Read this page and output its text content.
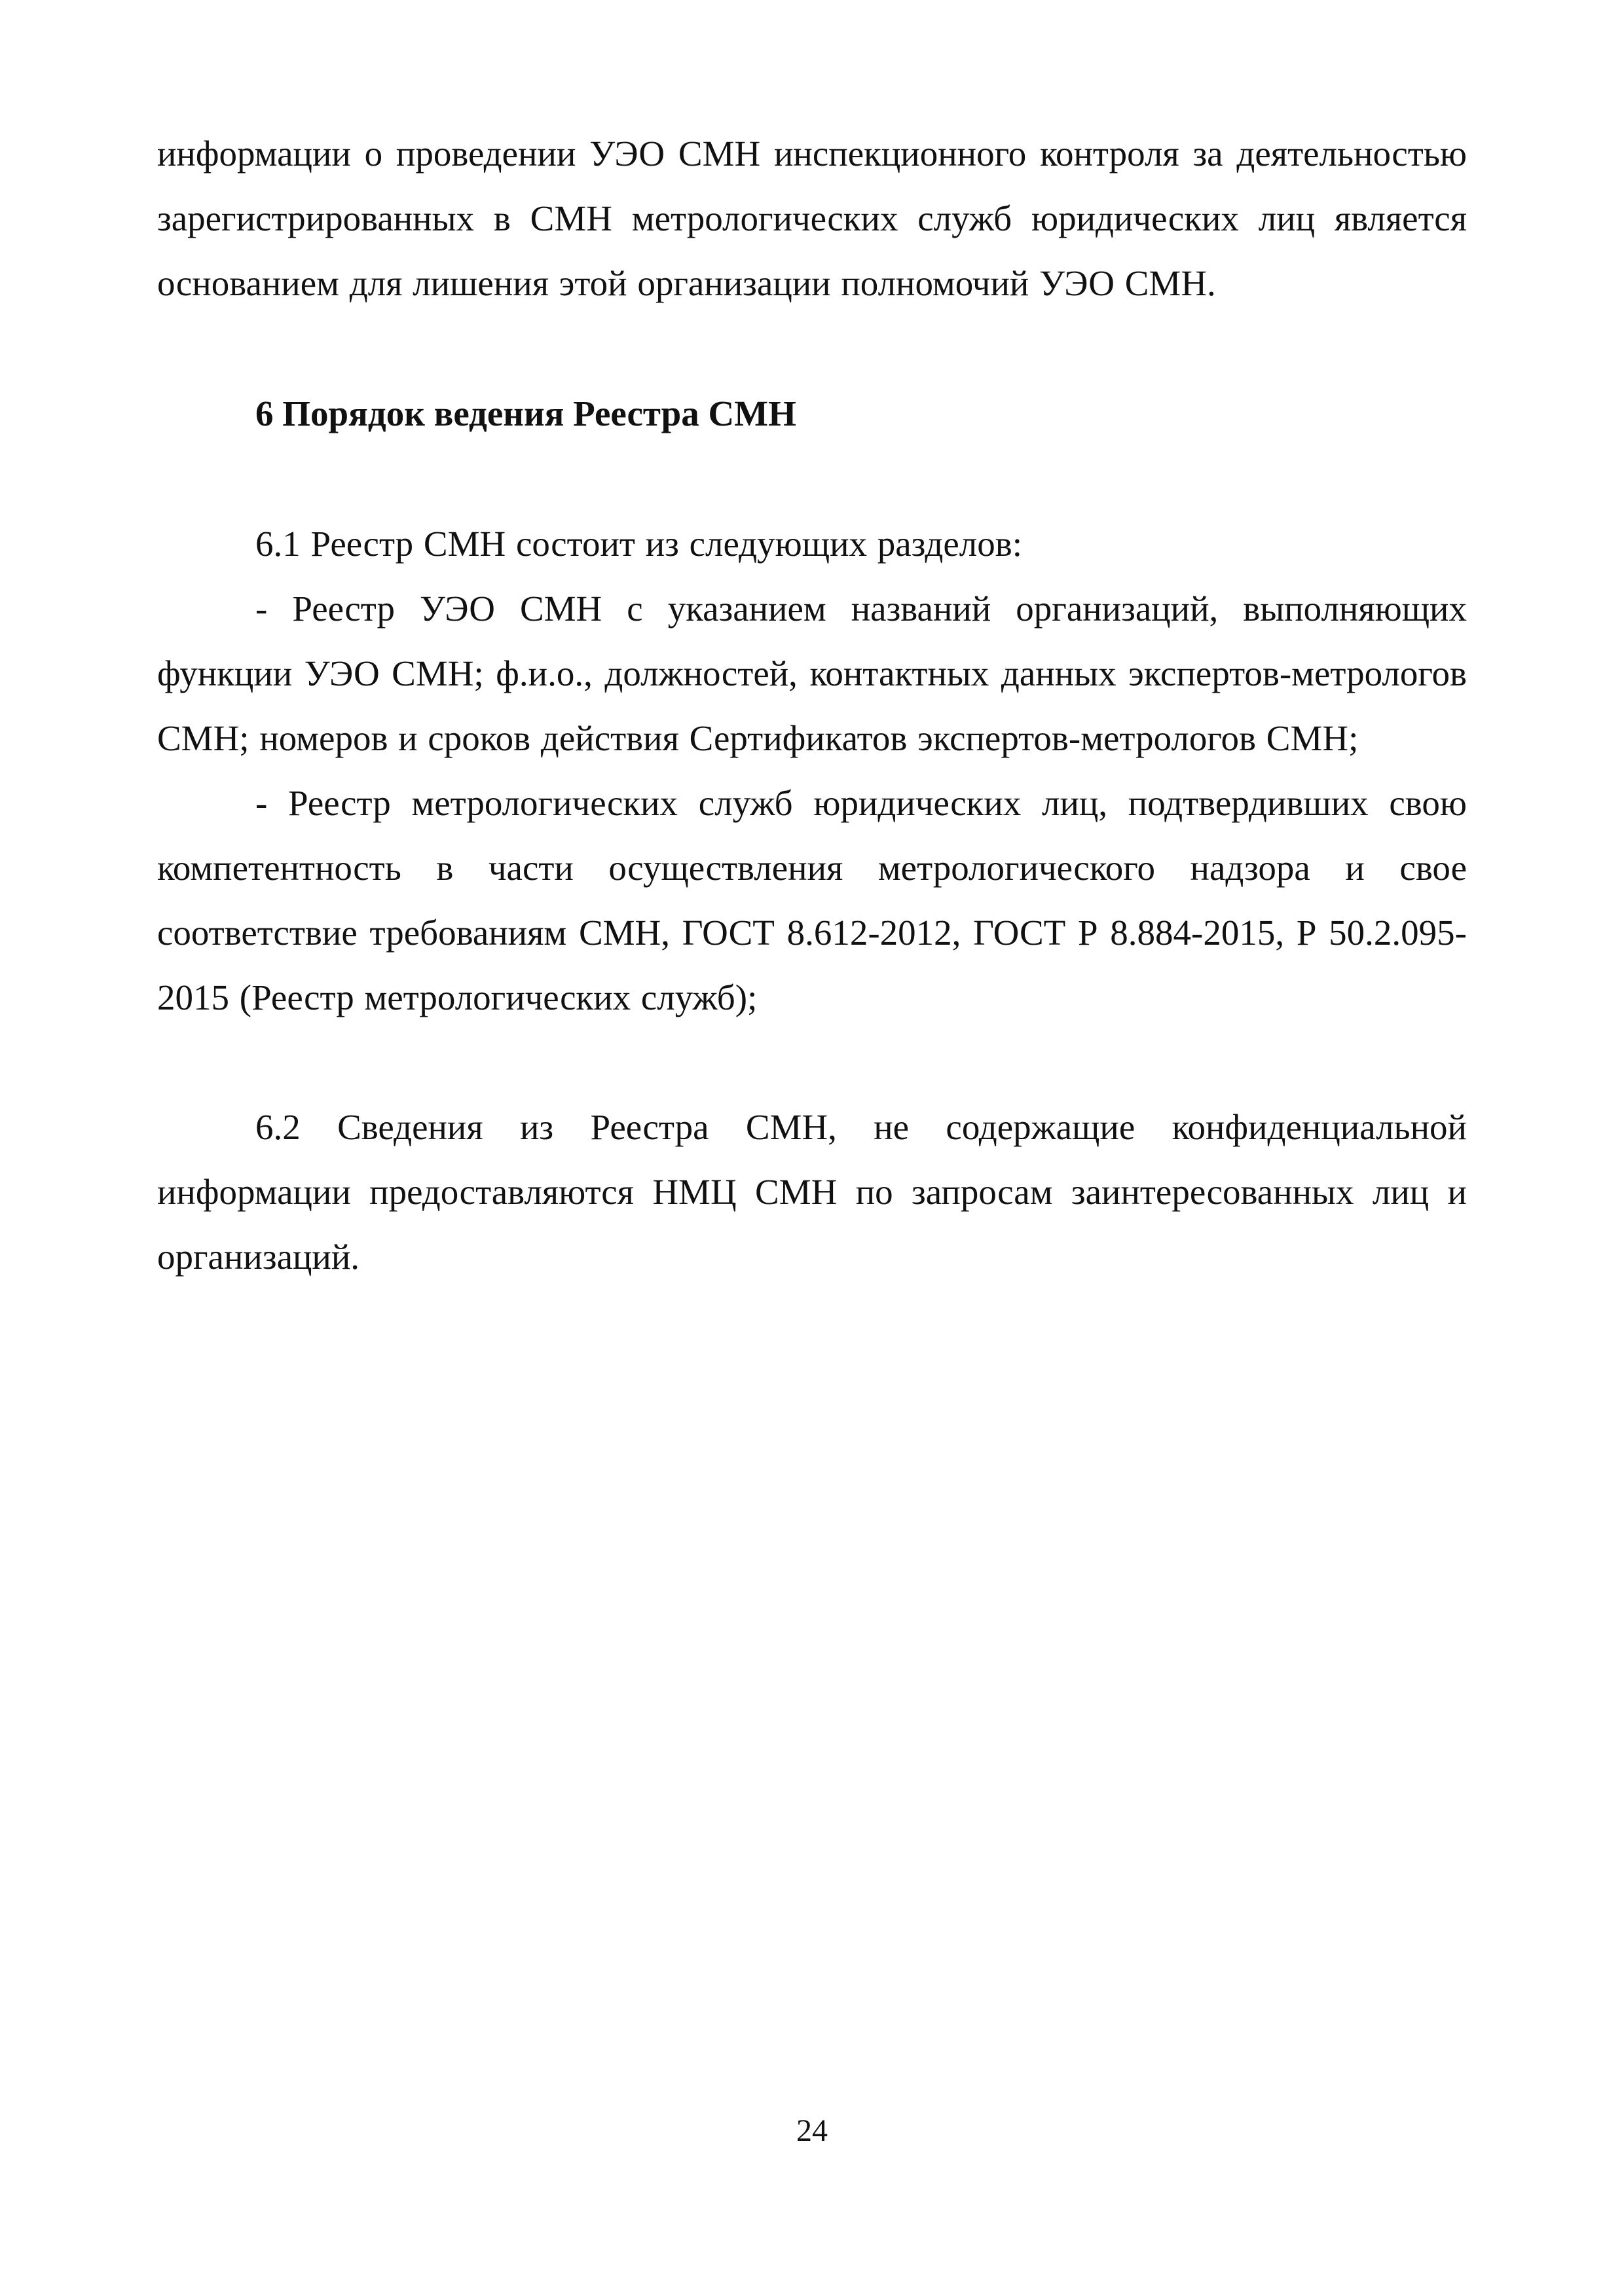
информации о проведении УЭО СМН инспекционного контроля за деятельностью зарегистрированных в СМН метрологических служб юридических лиц является основанием для лишения этой организации полномочий УЭО СМН.

6 Порядок ведения Реестра СМН

6.1 Реестр СМН состоит из следующих разделов:

- Реестр УЭО СМН с указанием названий организаций, выполняющих функции УЭО СМН; ф.и.о., должностей, контактных данных экспертов-метрологов СМН; номеров и сроков действия Сертификатов экспертов-метрологов СМН;

- Реестр метрологических служб юридических лиц, подтвердивших свою компетентность в части осуществления метрологического надзора и свое соответствие требованиям СМН, ГОСТ 8.612-2012, ГОСТ Р 8.884-2015, Р 50.2.095-2015 (Реестр метрологических служб);

6.2 Сведения из Реестра СМН, не содержащие конфиденциальной информации предоставляются НМЦ СМН по запросам заинтересованных лиц и организаций.

24
